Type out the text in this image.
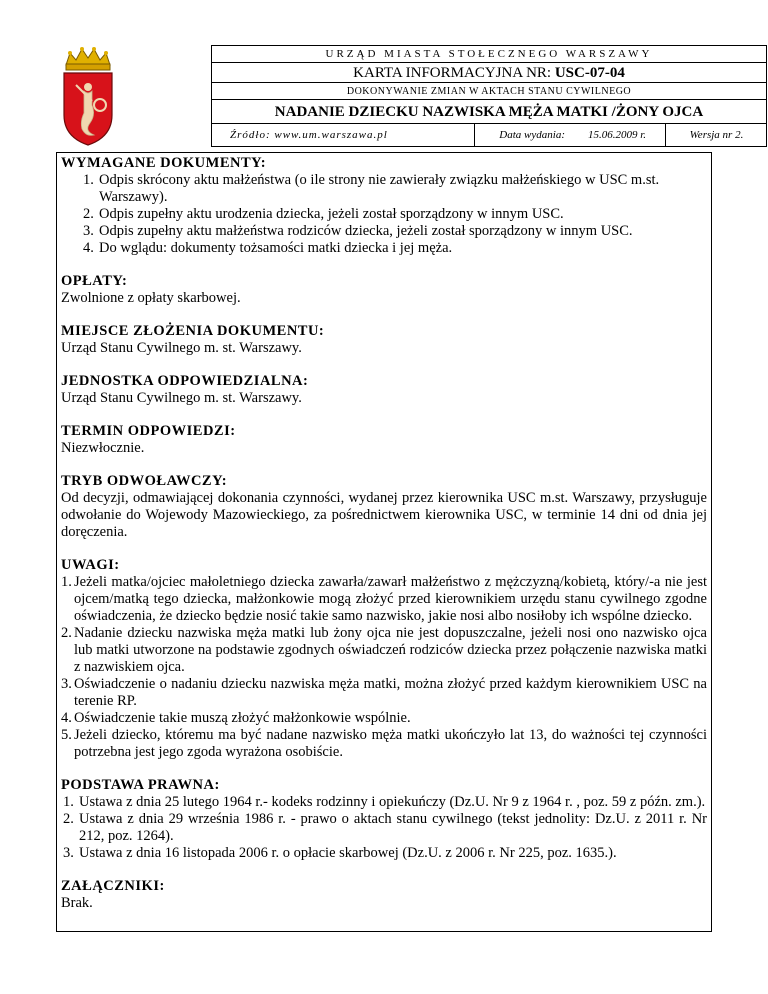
URZĄD MIASTA STOŁECZNEGO WARSZAWY
KARTA INFORMACYJNA NR: USC-07-04
DOKONYWANIE ZMIAN W AKTACH STANU CYWILNEGO
NADANIE DZIECKU NAZWISKA MĘŻA MATKI /ŻONY OJCA
Źródło: www.um.warszawa.pl	Data wydania:	15.06.2009 r.	Wersja nr 2.
WYMAGANE DOKUMENTY:
1. Odpis skrócony aktu małżeństwa (o ile strony nie zawierały związku małżeńskiego w USC m.st. Warszawy).
2. Odpis zupełny aktu urodzenia dziecka, jeżeli został sporządzony w innym USC.
3. Odpis zupełny aktu małżeństwa rodziców dziecka, jeżeli został sporządzony w innym USC.
4. Do wglądu: dokumenty tożsamości matki dziecka i jej męża.
OPŁATY:

Zwolnione z opłaty skarbowej.

MIEJSCE ZŁOŻENIA DOKUMENTU:

Urząd Stanu Cywilnego m. st. Warszawy.

JEDNOSTKA ODPOWIEDZIALNA:

Urząd Stanu Cywilnego m. st. Warszawy.

TERMIN ODPOWIEDZI:

Niezwłocznie.

TRYB ODWOŁAWCZY:

Od decyzji, odmawiającej dokonania czynności, wydanej przez kierownika USC m.st. Warszawy, przysługuje odwołanie do Wojewody Mazowieckiego, za pośrednictwem kierownika USC, w terminie 14 dni od dnia jej doręczenia.

UWAGI:
1. Jeżeli matka/ojciec małoletniego dziecka zawarła/zawarł małżeństwo z mężczyzną/kobietą, który/-a nie jest ojcem/matką tego dziecka, małżonkowie mogą złożyć przed kierownikiem urzędu stanu cywilnego zgodne oświadczenia, że dziecko będzie nosić takie samo nazwisko, jakie nosi albo nosiłoby ich wspólne dziecko.
2. Nadanie dziecku nazwiska męża matki lub żony ojca nie jest dopuszczalne, jeżeli nosi ono nazwisko ojca lub matki utworzone na podstawie zgodnych oświadczeń rodziców dziecka przez połączenie nazwiska matki z nazwiskiem ojca.
3. Oświadczenie o nadaniu dziecku nazwiska męża matki, można złożyć przed każdym kierownikiem USC na terenie RP.
4. Oświadczenie takie muszą złożyć małżonkowie wspólnie.
5. Jeżeli dziecko, któremu ma być nadane nazwisko męża matki ukończyło lat 13, do ważności tej czynności potrzebna jest jego zgoda wyrażona osobiście.
PODSTAWA PRAWNA:
1. Ustawa z dnia 25 lutego 1964 r.- kodeks rodzinny i opiekuńczy (Dz.U. Nr 9 z 1964 r. , poz. 59 z późn. zm.).
2. Ustawa z dnia 29 września 1986 r. - prawo o aktach stanu cywilnego (tekst jednolity: Dz.U. z 2011 r. Nr 212, poz. 1264).
3. Ustawa z dnia 16 listopada 2006 r. o opłacie skarbowej (Dz.U. z 2006 r. Nr 225, poz. 1635.).
ZAŁĄCZNIKI:

Brak.
